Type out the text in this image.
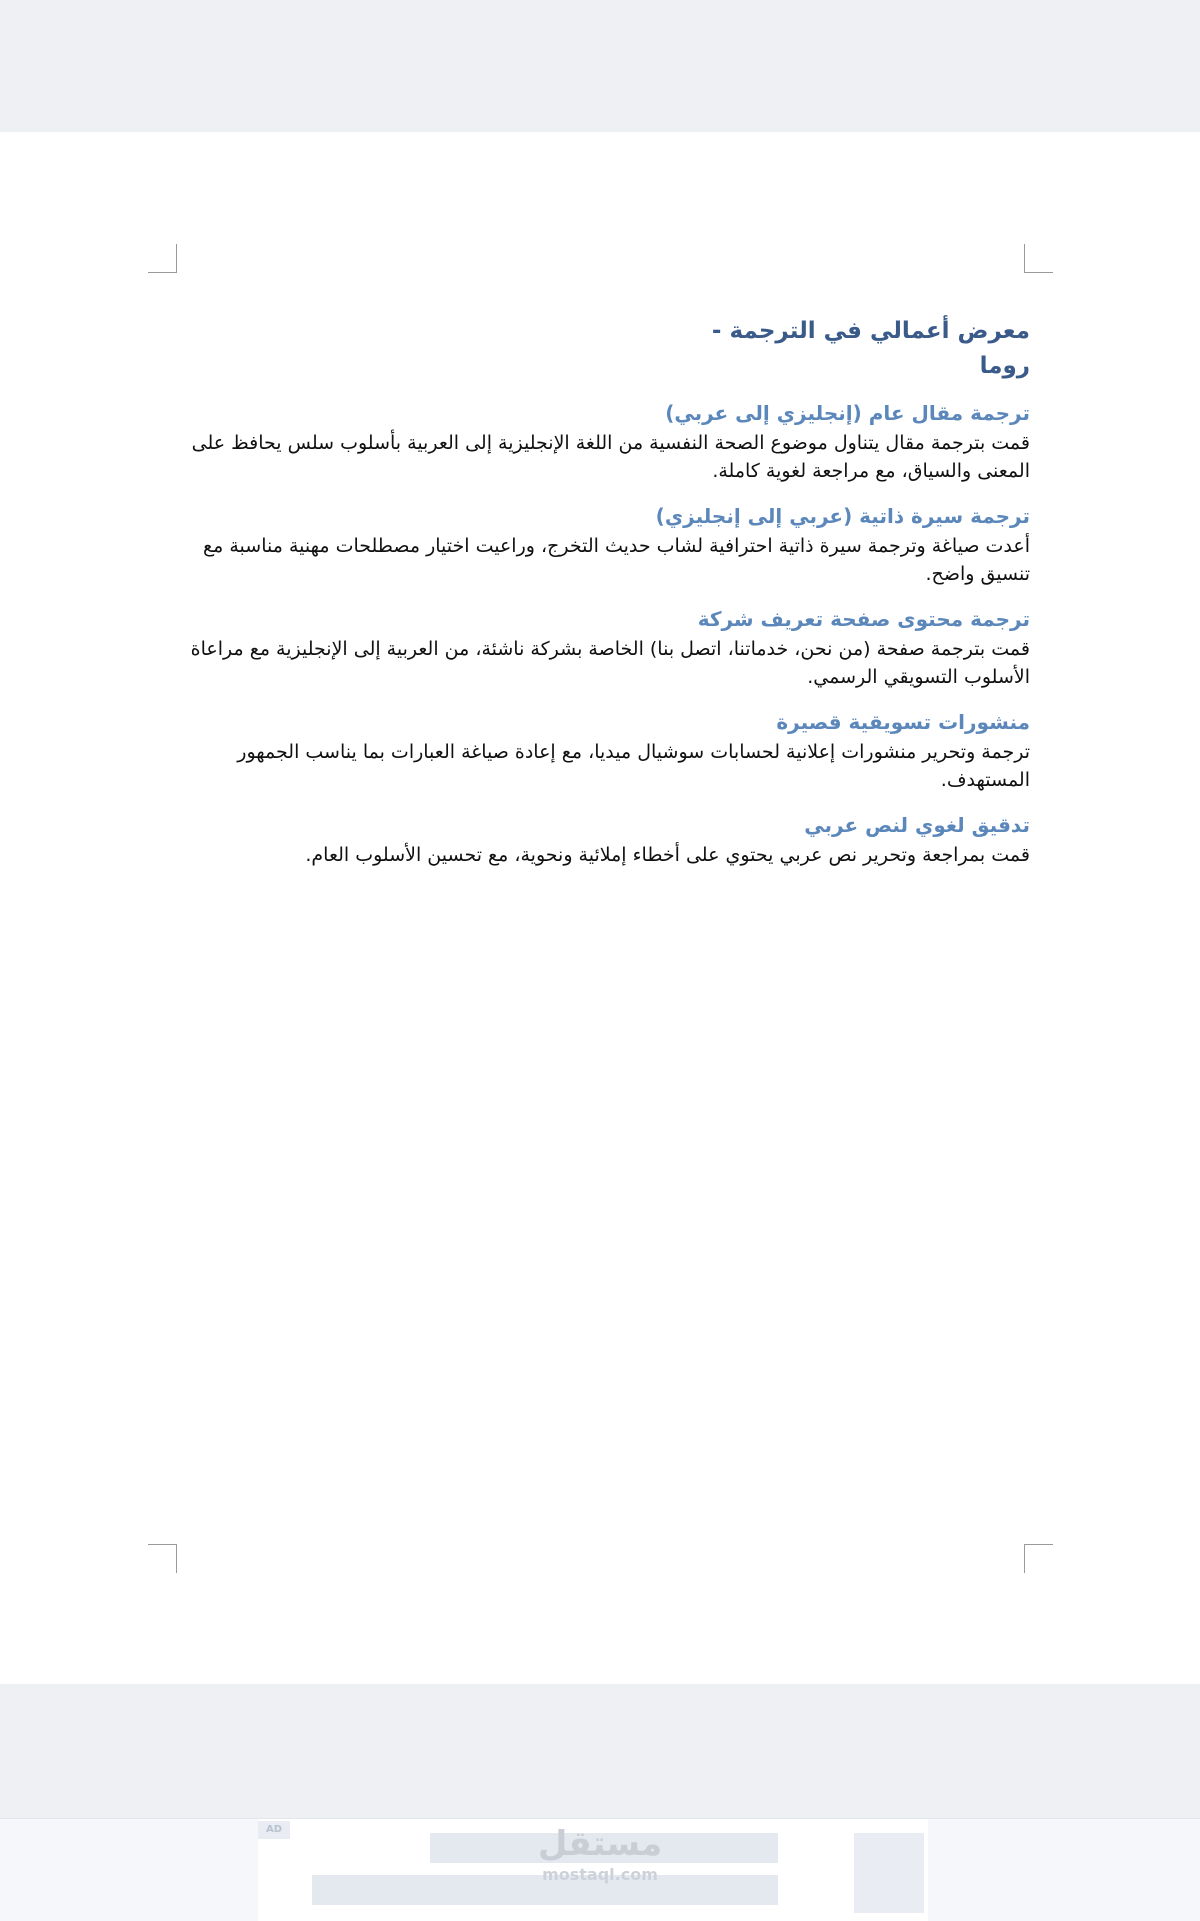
معرض أعمالي في الترجمة - روما
ترجمة مقال عام (إنجليزي إلى عربي)
قمت بترجمة مقال يتناول موضوع الصحة النفسية من اللغة الإنجليزية إلى العربية بأسلوب سلس يحافظ على المعنى والسياق، مع مراجعة لغوية كاملة.
ترجمة سيرة ذاتية (عربي إلى إنجليزي)
أعدت صياغة وترجمة سيرة ذاتية احترافية لشاب حديث التخرج، وراعيت اختيار مصطلحات مهنية مناسبة مع تنسيق واضح.
ترجمة محتوى صفحة تعريف شركة
قمت بترجمة صفحة (من نحن، خدماتنا، اتصل بنا) الخاصة بشركة ناشئة، من العربية إلى الإنجليزية مع مراعاة الأسلوب التسويقي الرسمي.
منشورات تسويقية قصيرة
ترجمة وتحرير منشورات إعلانية لحسابات سوشيال ميديا، مع إعادة صياغة العبارات بما يناسب الجمهور المستهدف.
تدقيق لغوي لنص عربي
قمت بمراجعة وتحرير نص عربي يحتوي على أخطاء إملائية ونحوية، مع تحسين الأسلوب العام.
AD	مستقل
mostaql.com
